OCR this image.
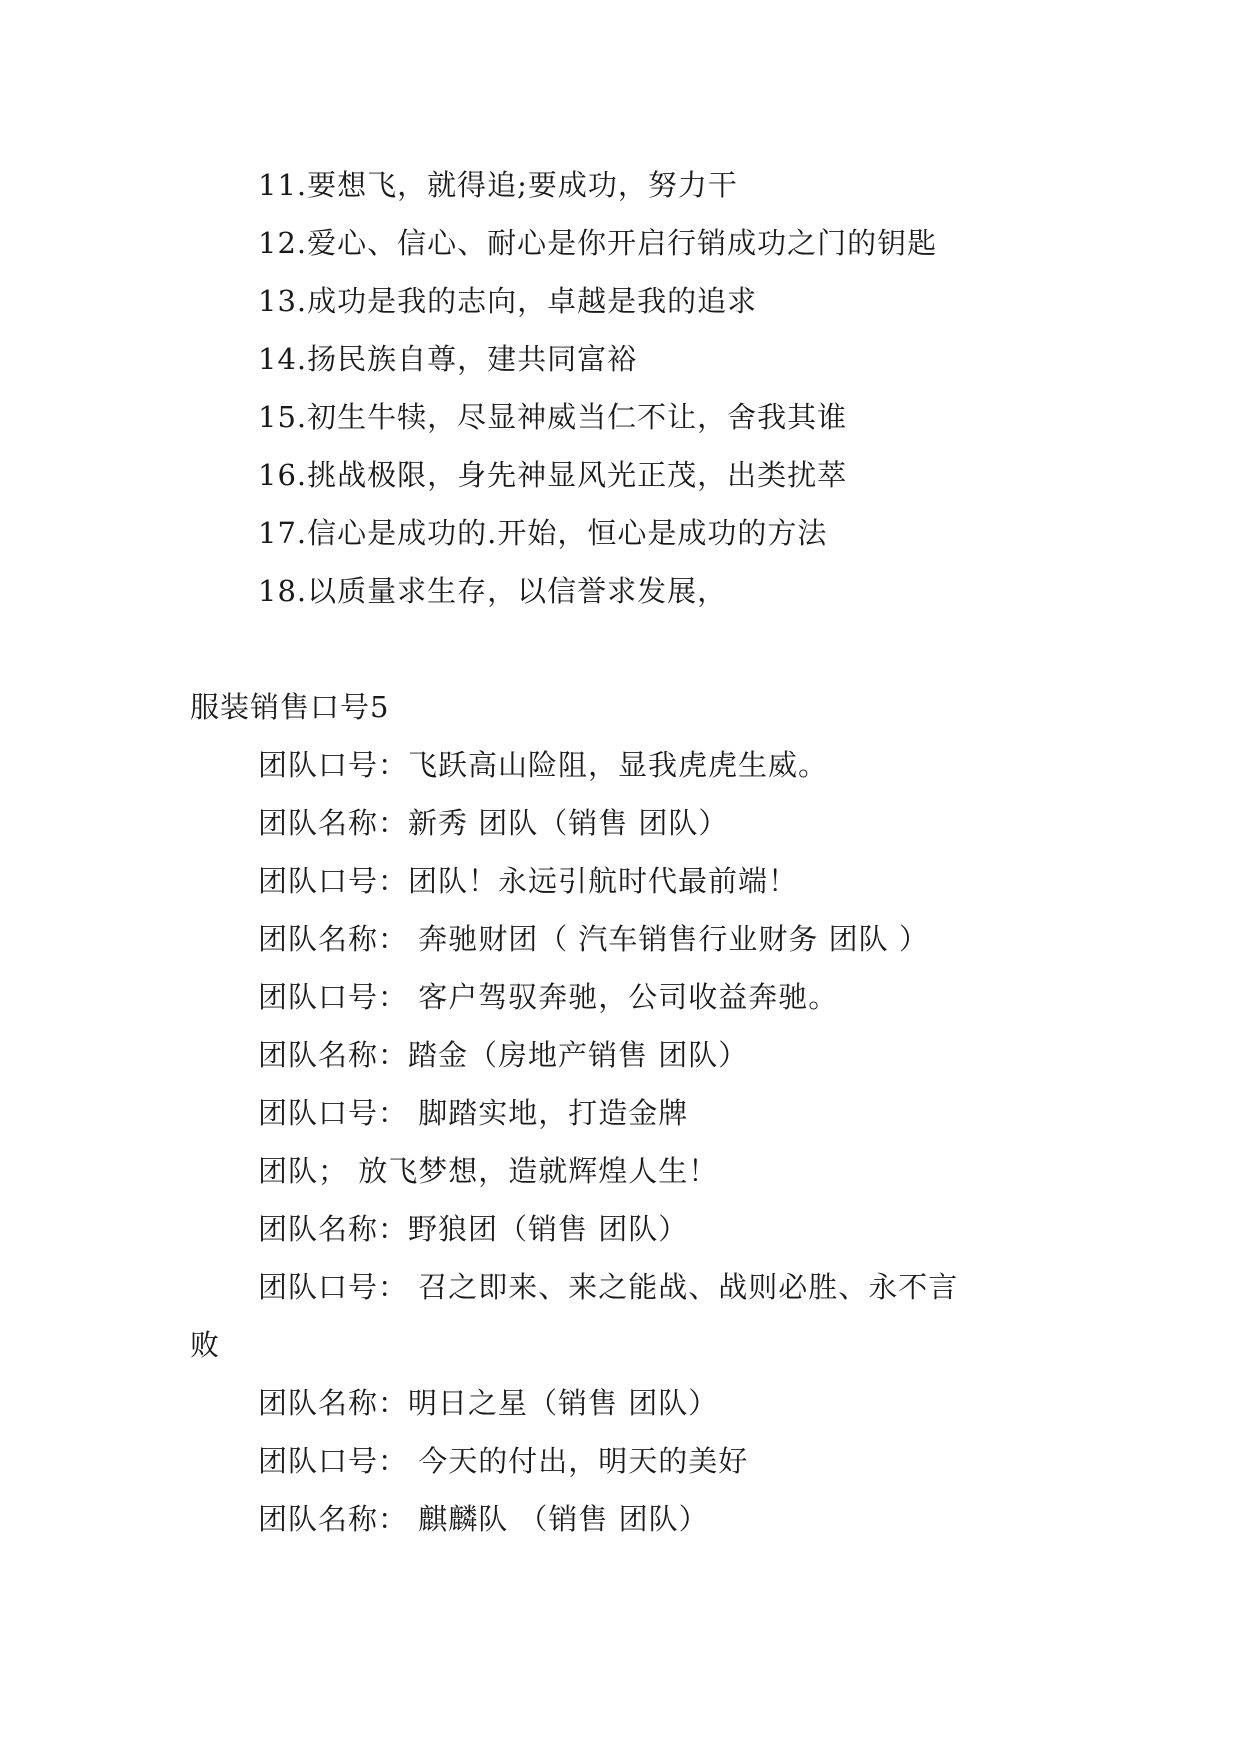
11.要想飞，就得追;要成功，努力干
12.爱心、信心、耐心是你开启行销成功之门的钥匙
13.成功是我的志向，卓越是我的追求
14.扬民族自尊，建共同富裕
15.初生牛犊，尽显神威当仁不让，舍我其谁
16.挑战极限，身先神显风光正茂，出类扰萃
17.信心是成功的.开始，恒心是成功的方法
18.以质量求生存，以信誉求发展，
服装销售口号5
团队口号：飞跃高山险阻，显我虎虎生威。
团队名称：新秀 团队（销售 团队）
团队口号：团队！永远引航时代最前端！
团队名称： 奔驰财团（ 汽车销售行业财务 团队 ）
团队口号： 客户驾驭奔驰，公司收益奔驰。
团队名称：踏金（房地产销售 团队）
团队口号： 脚踏实地，打造金牌
团队； 放飞梦想，造就辉煌人生！
团队名称：野狼团（销售 团队）
团队口号： 召之即来、来之能战、战则必胜、永不言
败
团队名称：明日之星（销售 团队）
团队口号： 今天的付出，明天的美好
团队名称： 麒麟队 （销售 团队）
